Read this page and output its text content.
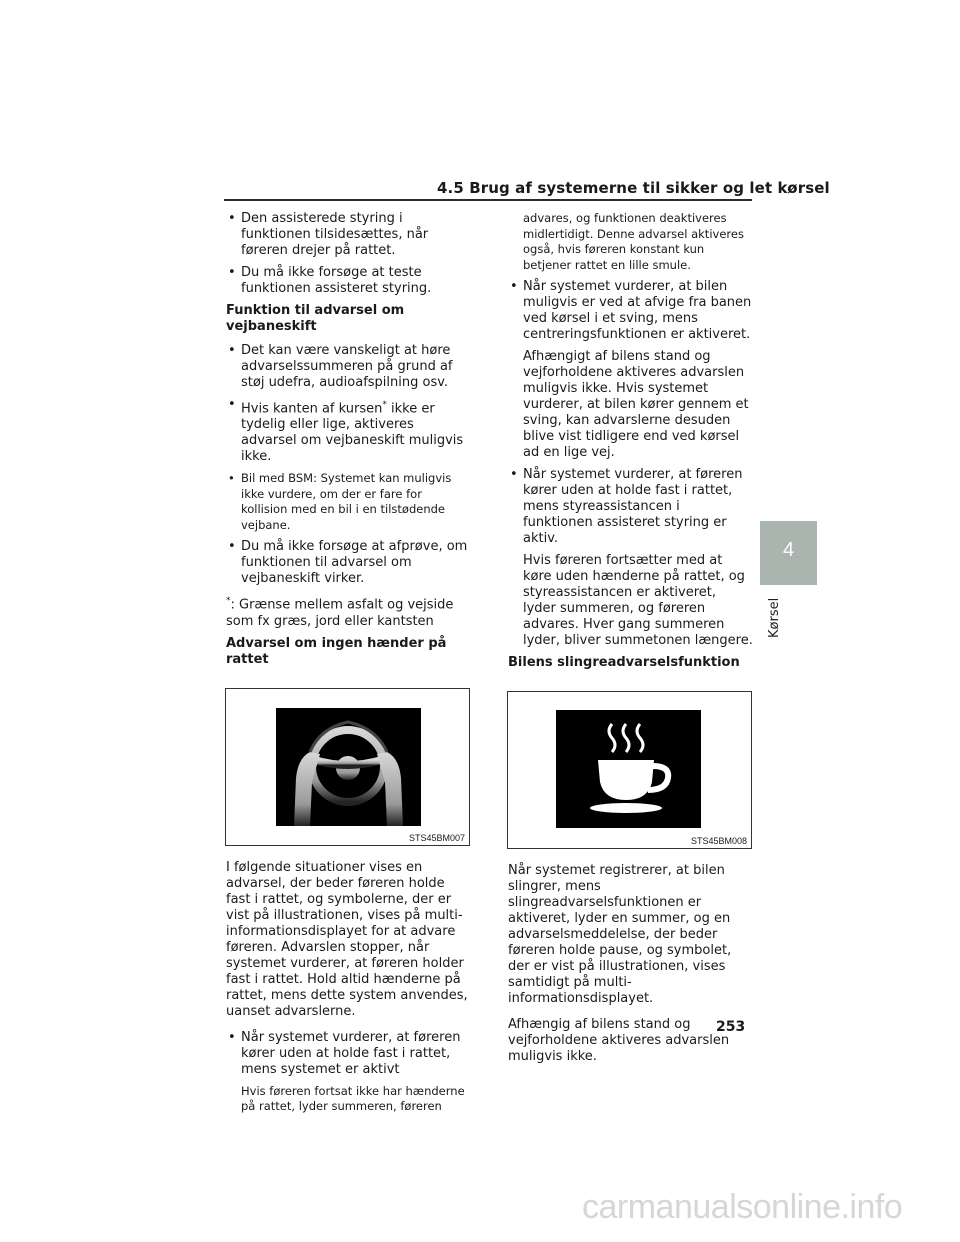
4.5 Brug af systemerne til sikker og let kørsel

• Den assisterede styring i funktionen tilsidesættes, når føreren drejer på rattet.

• Du må ikke forsøge at teste funktionen assisteret styring.

Funktion til advarsel om vejbaneskift

• Det kan være vanskeligt at høre advarselssummeren på grund af støj udefra, audioafspilning osv.

• Hvis kanten af kursen* ikke er tydelig eller lige, aktiveres advarsel om vejbaneskift muligvis ikke.

• Bil med BSM: Systemet kan muligvis ikke vurdere, om der er fare for kollision med en bil i en tilstødende vejbane.

• Du må ikke forsøge at afprøve, om funktionen til advarsel om vejbaneskift virker.

*: Grænse mellem asfalt og vejside som fx græs, jord eller kantsten

Advarsel om ingen hænder på rattet

STS45BM007

I følgende situationer vises en advarsel, der beder føreren holde fast i rattet, og symbolerne, der er vist på illustrationen, vises på multi-informationsdisplayet for at advare føreren. Advarslen stopper, når systemet vurderer, at føreren holder fast i rattet. Hold altid hænderne på rattet, mens dette system anvendes, uanset advarslerne.

• Når systemet vurderer, at føreren kører uden at holde fast i rattet, mens systemet er aktivt

Hvis føreren fortsat ikke har hænderne på rattet, lyder summeren, føreren

advares, og funktionen deaktiveres midlertidigt. Denne advarsel aktiveres også, hvis føreren konstant kun betjener rattet en lille smule.

• Når systemet vurderer, at bilen muligvis er ved at afvige fra banen ved kørsel i et sving, mens centreringsfunktionen er aktiveret.

Afhængigt af bilens stand og vejforholdene aktiveres advarslen muligvis ikke. Hvis systemet vurderer, at bilen kører gennem et sving, kan advarslerne desuden blive vist tidligere end ved kørsel ad en lige vej.

• Når systemet vurderer, at føreren kører uden at holde fast i rattet, mens styreassistancen i funktionen assisteret styring er aktiv.

Hvis føreren fortsætter med at køre uden hænderne på rattet, og styreassistancen er aktiveret, lyder summeren, og føreren advares. Hver gang summeren lyder, bliver summetonen længere.

Bilens slingreadvarselsfunktion

STS45BM008

Når systemet registrerer, at bilen slingrer, mens slingreadvarselsfunktionen er aktiveret, lyder en summer, og en advarselsmeddelelse, der beder føreren holde pause, og symbolet, der er vist på illustrationen, vises samtidigt på multi-informationsdisplayet.

Afhængig af bilens stand og vejforholdene aktiveres advarslen muligvis ikke.

4
Kørsel
253
carmanualsonline.info
